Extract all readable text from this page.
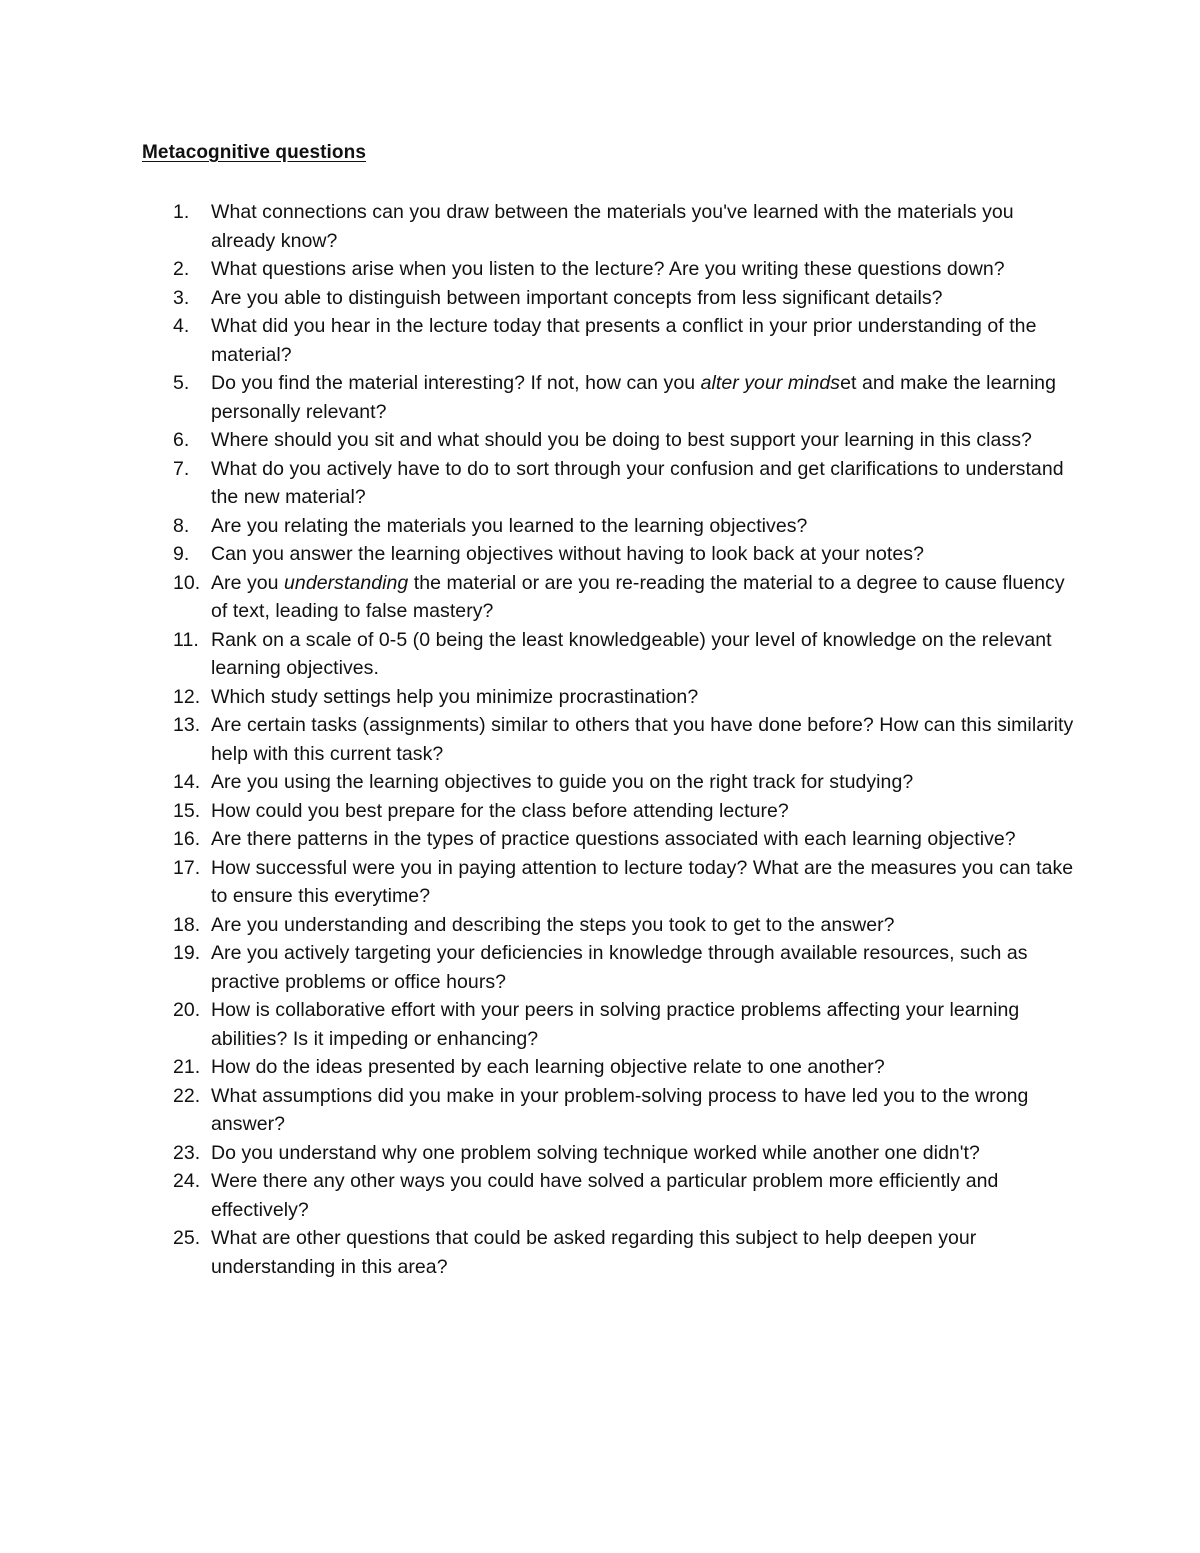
Metacognitive questions
1.	What connections can you draw between the materials you've learned with the materials you already know?
2.	What questions arise when you listen to the lecture? Are you writing these questions down?
3.	Are you able to distinguish between important concepts from less significant details?
4.	What did you hear in the lecture today that presents a conflict in your prior understanding of the material?
5.	Do you find the material interesting? If not, how can you alter your mindset and make the learning personally relevant?
6.	Where should you sit and what should you be doing to best support your learning in this class?
7.	What do you actively have to do to sort through your confusion and get clarifications to understand the new material?
8.	Are you relating the materials you learned to the learning objectives?
9.	Can you answer the learning objectives without having to look back at your notes?
10. Are you understanding the material or are you re-reading the material to a degree to cause fluency of text, leading to false mastery?
11. Rank on a scale of 0-5 (0 being the least knowledgeable) your level of knowledge on the relevant learning objectives.
12. Which study settings help you minimize procrastination?
13. Are certain tasks (assignments) similar to others that you have done before? How can this similarity help with this current task?
14. Are you using the learning objectives to guide you on the right track for studying?
15. How could you best prepare for the class before attending lecture?
16. Are there patterns in the types of practice questions associated with each learning objective?
17. How successful were you in paying attention to lecture today? What are the measures you can take to ensure this everytime?
18. Are you understanding and describing the steps you took to get to the answer?
19. Are you actively targeting your deficiencies in knowledge through available resources, such as practive problems or office hours?
20. How is collaborative effort with your peers in solving practice problems affecting your learning abilities? Is it impeding or enhancing?
21. How do the ideas presented by each learning objective relate to one another?
22. What assumptions did you make in your problem-solving process to have led you to the wrong answer?
23. Do you understand why one problem solving technique worked while another one didn't?
24. Were there any other ways you could have solved a particular problem more efficiently and effectively?
25. What are other questions that could be asked regarding this subject to help deepen your understanding in this area?
